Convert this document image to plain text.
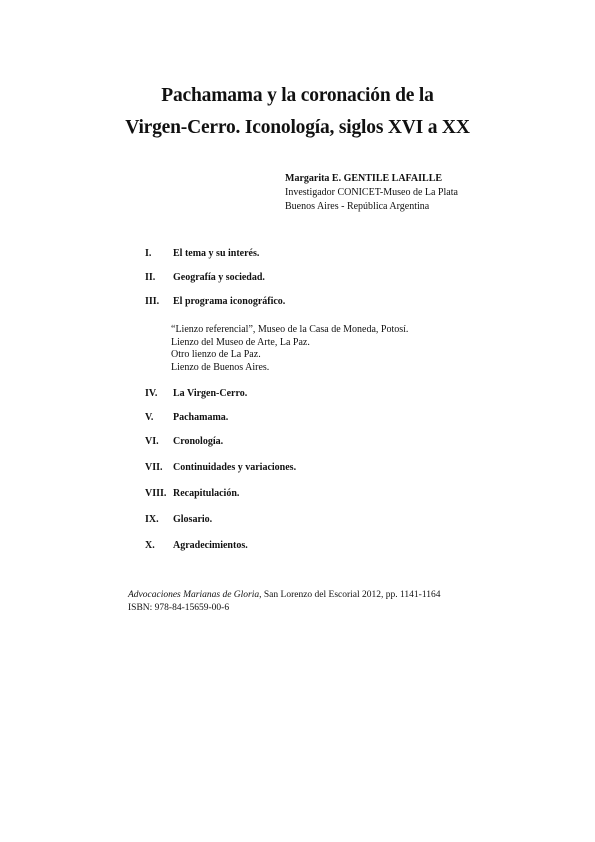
Pachamama y la coronación de la
Virgen-Cerro. Iconología, siglos XVI a XX
Margarita E. GENTILE LAFAILLE
Investigador CONICET-Museo de La Plata
Buenos Aires - República Argentina
I. El tema y su interés.
II. Geografía y sociedad.
III. El programa iconográfico.
IV. La Virgen-Cerro.
V. Pachamama.
VI. Cronología.
VII. Continuidades y variaciones.
VIII. Recapitulación.
IX. Glosario.
X. Agradecimientos.
“Lienzo referencial”, Museo de la Casa de Moneda, Potosí.
Lienzo del Museo de Arte, La Paz.
Otro lienzo de La Paz.
Lienzo de Buenos Aires.
Advocaciones Marianas de Gloria, San Lorenzo del Escorial 2012, pp. 1141-1164
ISBN: 978-84-15659-00-6
